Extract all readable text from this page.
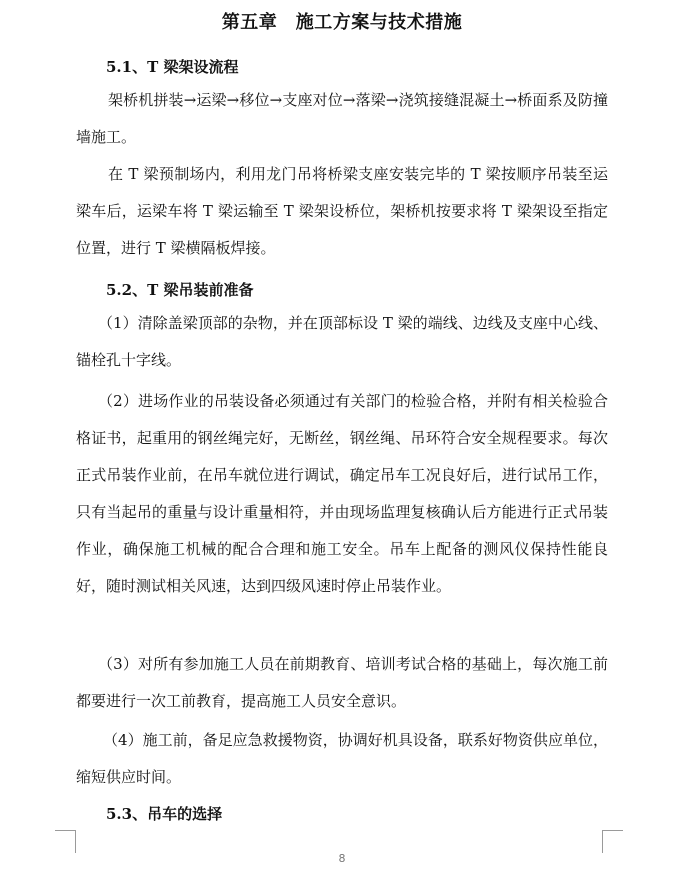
第五章　施工方案与技术措施
5.1、T 梁架设流程

架桥机拼装→运梁→移位→支座对位→落梁→浇筑接缝混凝土→桥面系及防撞墙施工。

在 T 梁预制场内，利用龙门吊将桥梁支座安装完毕的 T 梁按顺序吊装至运梁车后，运梁车将 T 梁运输至 T 梁架设桥位，架桥机按要求将 T 梁架设至指定位置，进行 T 梁横隔板焊接。

5.2、T 梁吊装前准备

（1）清除盖梁顶部的杂物，并在顶部标设 T 梁的端线、边线及支座中心线、锚栓孔十字线。

（2）进场作业的吊装设备必须通过有关部门的检验合格，并附有相关检验合格证书，起重用的钢丝绳完好，无断丝，钢丝绳、吊环符合安全规程要求。每次正式吊装作业前，在吊车就位进行调试，确定吊车工况良好后，进行试吊工作，只有当起吊的重量与设计重量相符，并由现场监理复核确认后方能进行正式吊装作业，确保施工机械的配合合理和施工安全。吊车上配备的测风仪保持性能良好，随时测试相关风速，达到四级风速时停止吊装作业。

（3）对所有参加施工人员在前期教育、培训考试合格的基础上，每次施工前都要进行一次工前教育，提高施工人员安全意识。

（4）施工前，备足应急救援物资，协调好机具设备，联系好物资供应单位，缩短供应时间。

5.3、吊车的选择
8
